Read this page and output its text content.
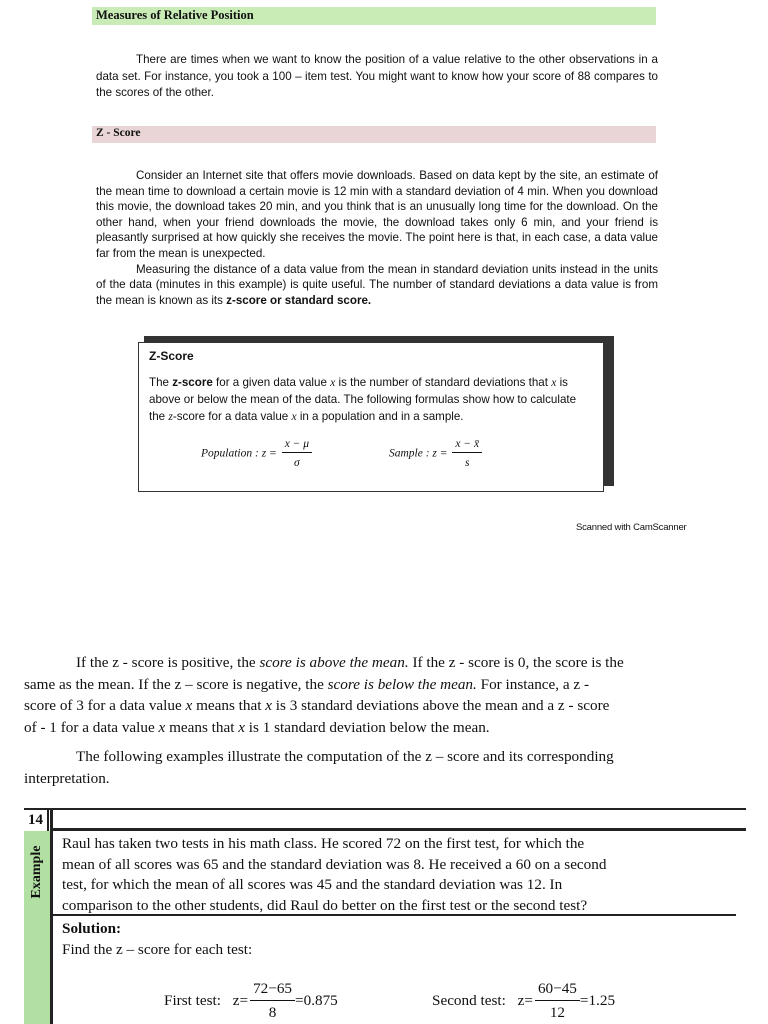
Measures of Relative Position
There are times when we want to know the position of a value relative to the other observations in a data set. For instance, you took a 100 – item test. You might want to know how your score of 88 compares to the scores of the other.
Z - Score
Consider an Internet site that offers movie downloads. Based on data kept by the site, an estimate of the mean time to download a certain movie is 12 min with a standard deviation of 4 min. When you download this movie, the download takes 20 min, and you think that is an unusually long time for the download. On the other hand, when your friend downloads the movie, the download takes only 6 min, and your friend is pleasantly surprised at how quickly she receives the movie. The point here is that, in each case, a data value far from the mean is unexpected.
Measuring the distance of a data value from the mean in standard deviation units instead in the units of the data (minutes in this example) is quite useful. The number of standard deviations a data value is from the mean is known as its z-score or standard score.
Z-Score
The z-score for a given data value x is the number of standard deviations that x is above or below the mean of the data. The following formulas show how to calculate the z-score for a data value x in a population and in a sample.
Population : $z = \frac{x - \mu}{\sigma}$	Sample : $z = \frac{x - x̄}{s}$
Scanned with CamScanner
If the z - score is positive, the score is above the mean. If the z - score is 0, the score is the
same as the mean. If the z – score is negative, the score is below the mean. For instance, a z -
score of 3 for a data value x means that x is 3 standard deviations above the mean and a z - score
of - 1 for a data value x means that x is 1 standard deviation below the mean.
The following examples illustrate the computation of the z – score and its corresponding
interpretation.
14
Example
Raul has taken two tests in his math class. He scored 72 on the first test, for which the
mean of all scores was 65 and the standard deviation was 8. He received a 60 on a second
test, for which the mean of all scores was 45 and the standard deviation was 12. In
comparison to the other students, did Raul do better on the first test or the second test?
Solution:
Find the z – score for each test:
First test: $z= \frac{72-65}{8} =0.875$	Second test: $z= \frac{60-45}{12} =1.25$
